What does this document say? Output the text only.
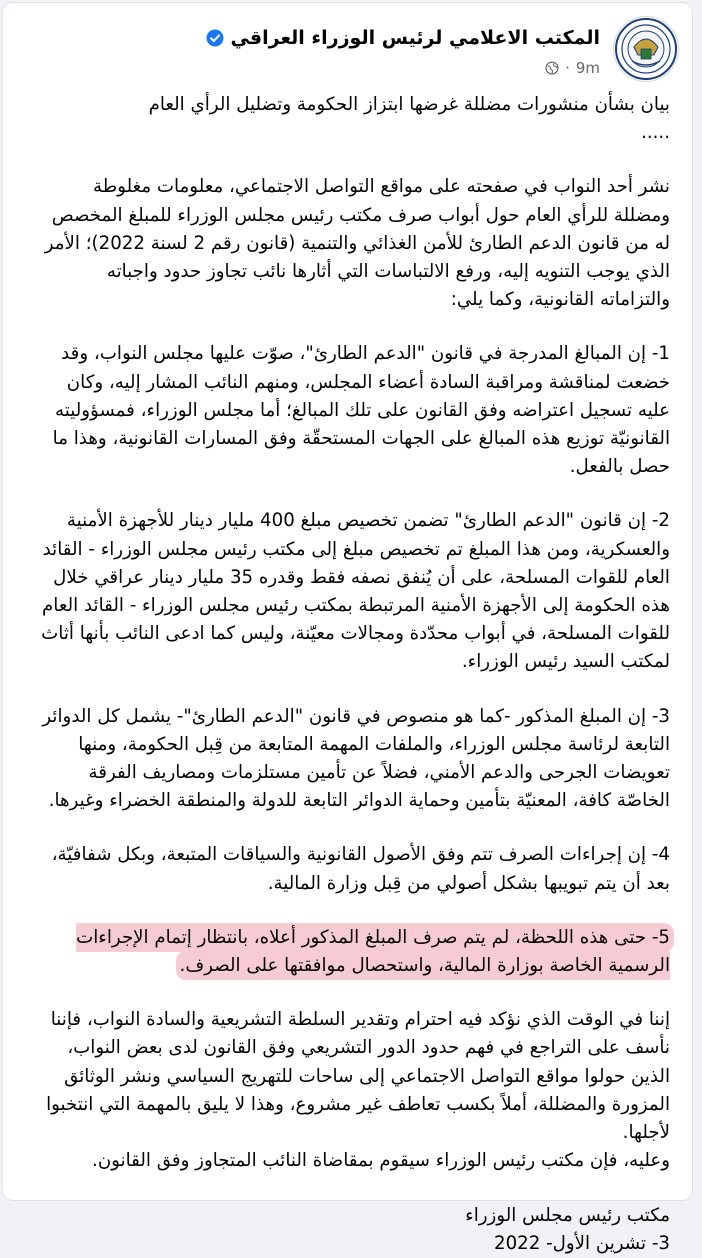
المكتب الاعلامي لرئيس الوزراء العراقي
9m
·

بيان بشأن منشورات مضللة غرضها ابتزاز الحكومة وتضليل الرأي العام

.....

نشر أحد النواب في صفحته على مواقع التواصل الاجتماعي، معلومات مغلوطة ومضللة للرأي العام حول أبواب صرف مكتب رئيس مجلس الوزراء للمبلغ المخصص له من قانون الدعم الطارئ للأمن الغذائي والتنمية (قانون رقم 2 لسنة 2022)؛ الأمر الذي يوجب التنويه إليه، ورفع الالتباسات التي أثارها نائب تجاوز حدود واجباته والتزاماته القانونية، وكما يلي:

1- إن المبالغ المدرجة في قانون "الدعم الطارئ"، صوّت عليها مجلس النواب، وقد خضعت لمناقشة ومراقبة السادة أعضاء المجلس، ومنهم النائب المشار إليه، وكان عليه تسجيل اعتراضه وفق القانون على تلك المبالغ؛ أما مجلس الوزراء، فمسؤوليته القانونيّة توزيع هذه المبالغ على الجهات المستحقّة وفق المسارات القانونية، وهذا ما حصل بالفعل.

2- إن قانون "الدعم الطارئ" تضمن تخصيص مبلغ 400 مليار دينار للأجهزة الأمنية والعسكرية، ومن هذا المبلغ تم تخصيص مبلغ إلى مكتب رئيس مجلس الوزراء - القائد العام للقوات المسلحة، على أن يُنفق نصفه فقط وقدره 35 مليار دينار عراقي خلال هذه الحكومة إلى الأجهزة الأمنية المرتبطة بمكتب رئيس مجلس الوزراء - القائد العام للقوات المسلحة، في أبواب محدّدة ومجالات معيّنة، وليس كما ادعى النائب بأنها أثاث لمكتب السيد رئيس الوزراء.

3- إن المبلغ المذكور -كما هو منصوص في قانون "الدعم الطارئ"- يشمل كل الدوائر التابعة لرئاسة مجلس الوزراء، والملفات المهمة المتابعة من قِبل الحكومة، ومنها تعويضات الجرحى والدعم الأمني، فضلاً عن تأمين مستلزمات ومصاريف الفرقة الخاصّة كافة، المعنيّة بتأمين وحماية الدوائر التابعة للدولة والمنطقة الخضراء وغيرها.

4- إن إجراءات الصرف تتم وفق الأصول القانونية والسياقات المتبعة، وبكل شفافيّة، بعد أن يتم تبويبها بشكل أصولي من قِبل وزارة المالية.

5- حتى هذه اللحظة، لم يتم صرف المبلغ المذكور أعلاه، بانتظار إتمام الإجراءات الرسمية الخاصة بوزارة المالية، واستحصال موافقتها على الصرف.

إننا في الوقت الذي نؤكد فيه احترام وتقدير السلطة التشريعية والسادة النواب، فإننا نأسف على التراجع في فهم حدود الدور التشريعي وفق القانون لدى بعض النواب، الذين حولوا مواقع التواصل الاجتماعي إلى ساحات للتهريج السياسي ونشر الوثائق المزورة والمضللة، أملاً بكسب تعاطف غير مشروع، وهذا لا يليق بالمهمة التي انتخبوا لأجلها.

وعليه، فإن مكتب رئيس الوزراء سيقوم بمقاضاة النائب المتجاوز وفق القانون.

مكتب رئيس مجلس الوزراء

3- تشرين الأول- 2022
